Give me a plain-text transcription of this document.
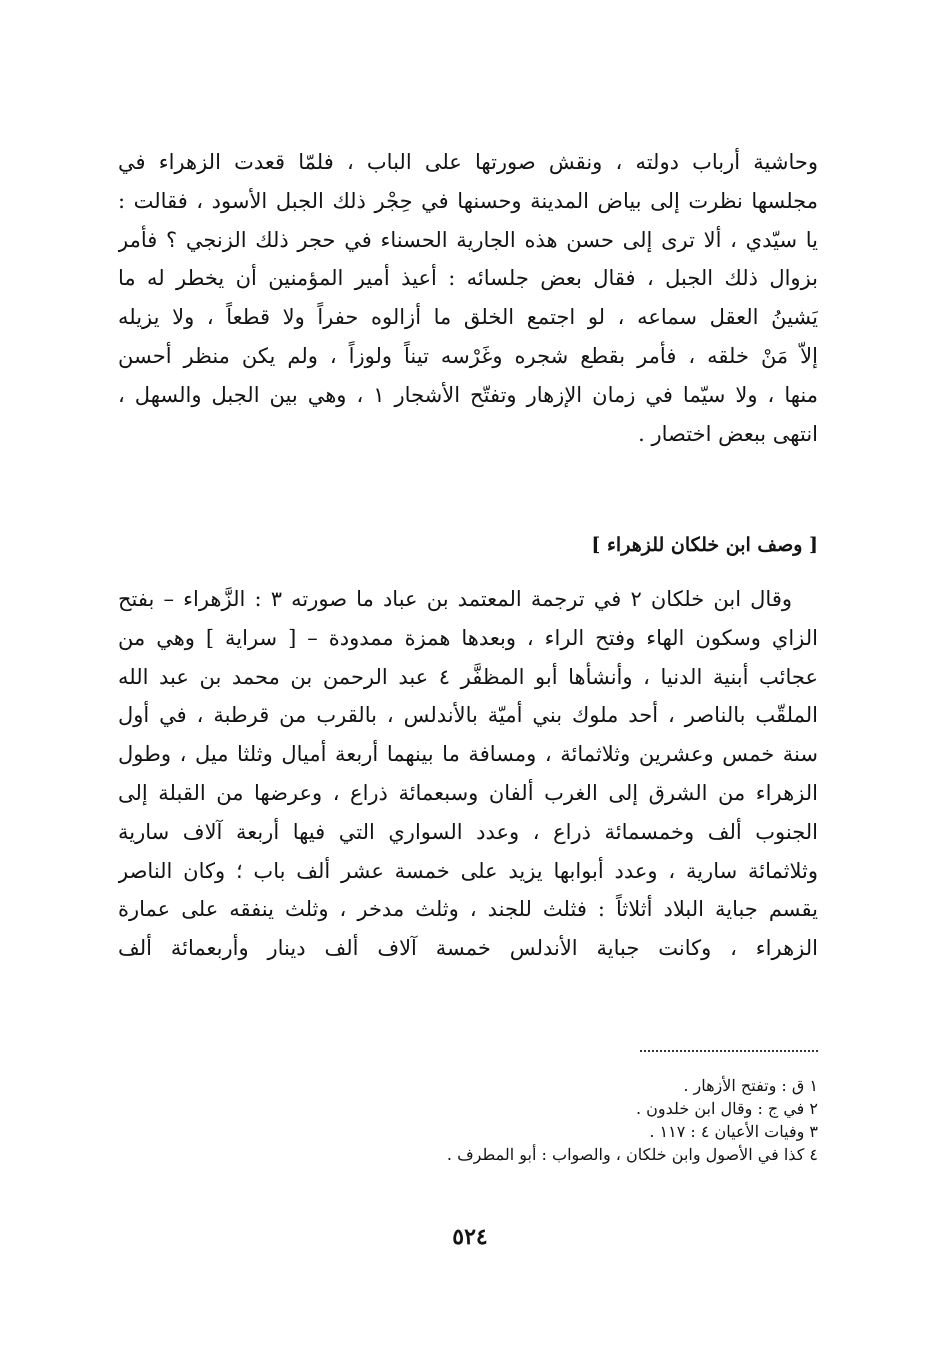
وحاشية أرباب دولته ، ونقش صورتها على الباب ، فلمّا قعدت الزهراء في
مجلسها نظرت إلى بياض المدينة وحسنها في حِجْر ذلك الجبل الأسود ، فقالت :
يا سيّدي ، ألا ترى إلى حسن هذه الجارية الحسناء في حجر ذلك الزنجي ؟ فأمر
بزوال ذلك الجبل ، فقال بعض جلسائه : أعيذ أمير المؤمنين أن يخطر له ما
يَشينُ العقل سماعه ، لو اجتمع الخلق ما أزالوه حفراً ولا قطعاً ، ولا يزيله
إلاّ مَنْ خلقه ، فأمر بقطع شجره وغَرْسه تيناً ولوزاً ، ولم يكن منظر أحسن
منها ، ولا سيّما في زمان الإزهار وتفتّح الأشجار ١ ، وهي بين الجبل والسهل ،
انتهى ببعض اختصار .
[ وصف ابن خلكان للزهراء ]
وقال ابن خلكان ٢ في ترجمة المعتمد بن عباد ما صورته ٣ : الزَّهراء – بفتح
الزاي وسكون الهاء وفتح الراء ، وبعدها همزة ممدودة – [ سراية ] وهي من
عجائب أبنية الدنيا ، وأنشأها أبو المظفَّر ٤ عبد الرحمن بن محمد بن عبد الله
الملقّب بالناصر ، أحد ملوك بني أميّة بالأندلس ، بالقرب من قرطبة ، في أول
سنة خمس وعشرين وثلاثمائة ، ومسافة ما بينهما أربعة أميال وثلثا ميل ، وطول
الزهراء من الشرق إلى الغرب ألفان وسبعمائة ذراع ، وعرضها من القبلة إلى
الجنوب ألف وخمسمائة ذراع ، وعدد السواري التي فيها أربعة آلاف سارية
وثلاثمائة سارية ، وعدد أبوابها يزيد على خمسة عشر ألف باب ؛ وكان الناصر
يقسم جباية البلاد أثلاثاً : فثلث للجند ، وثلث مدخر ، وثلث ينفقه على عمارة
الزهراء ، وكانت جباية الأندلس خمسة آلاف ألف دينار وأربعمائة ألف
١ ق : وتفتح الأزهار .
٢ في ج : وقال ابن خلدون .
٣ وفيات الأعيان ٤ : ١١٧ .
٤ كذا في الأصول وابن خلكان ، والصواب : أبو المطرف .
٥٢٤
